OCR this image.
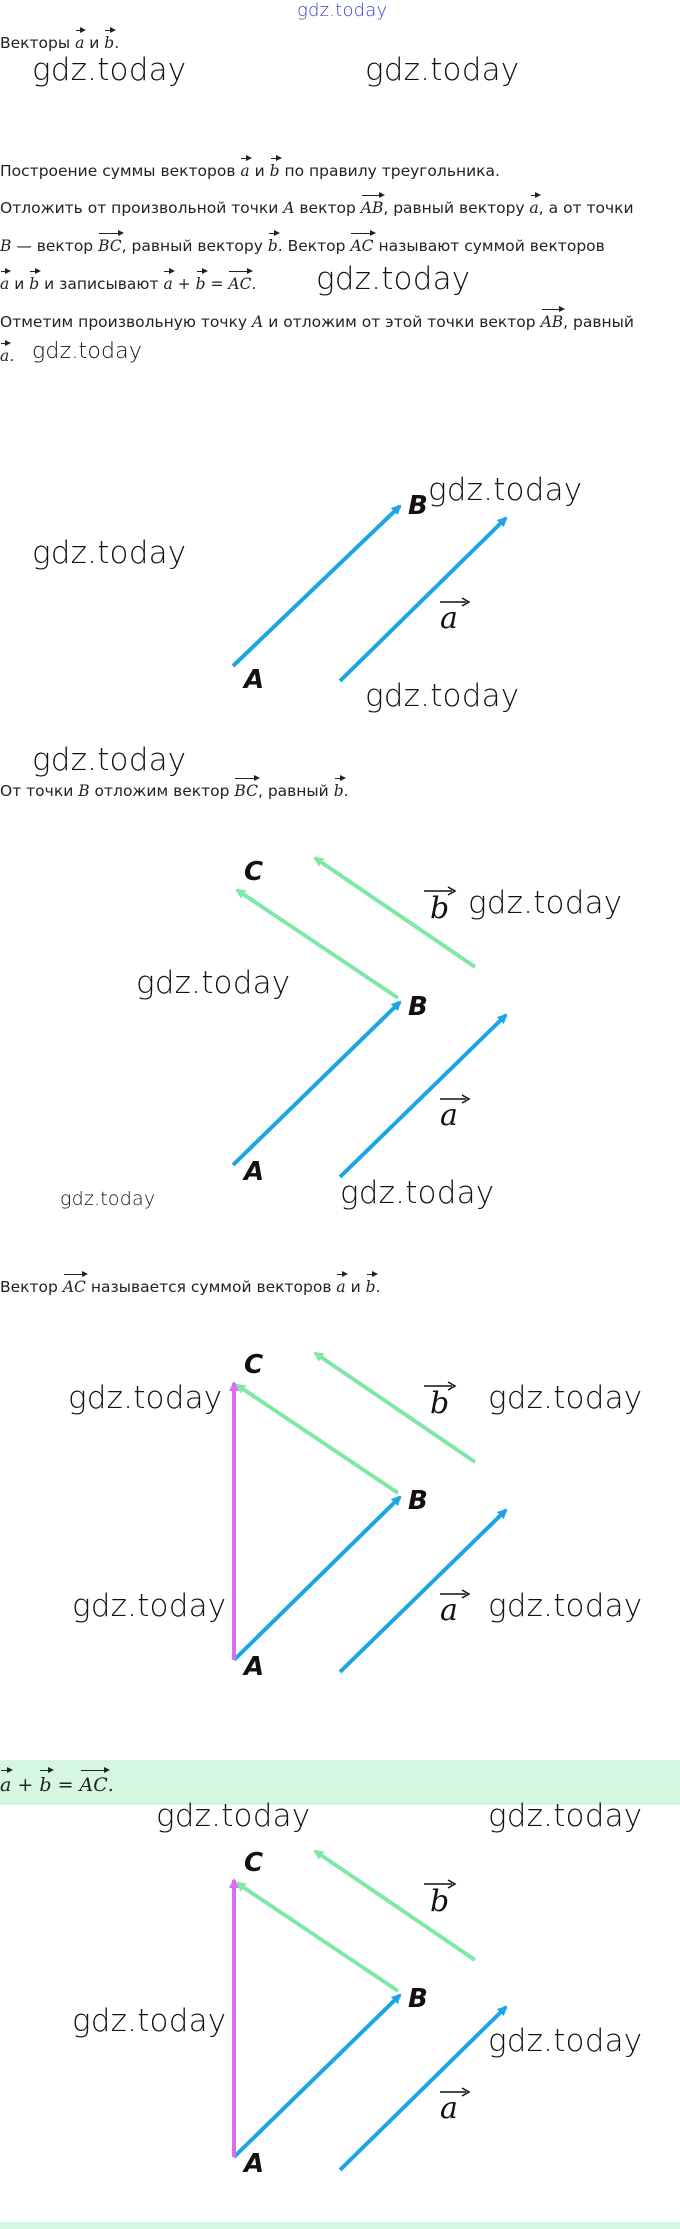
gdz.today
Векторы a и b.
gdz.today	gdz.today
Построение суммы векторов a и b по правилу треугольника.
Отложить от произвольной точки A вектор AB, равный вектору a, а от точки
B — вектор BC, равный вектору b. Вектор AC называют суммой векторов
a и b и записывают a + b = AC. gdz.today
Отметим произвольную точку A и отложим от этой точки вектор AB, равный
a. gdz.today
A
B
a
gdz.today
gdz.today
gdz.today
gdz.today
От точки B отложим вектор BC, равный b.
A
B
C
a
b gdz.today
gdz.today
gdz.today
gdz.today
Вектор AC называется суммой векторов a и b.
A
B
C
a
b
gdz.today	gdz.today
gdz.today	gdz.today
a + b = AC.
gdz.today	gdz.today
A
B
C
a
b
gdz.today
gdz.today
